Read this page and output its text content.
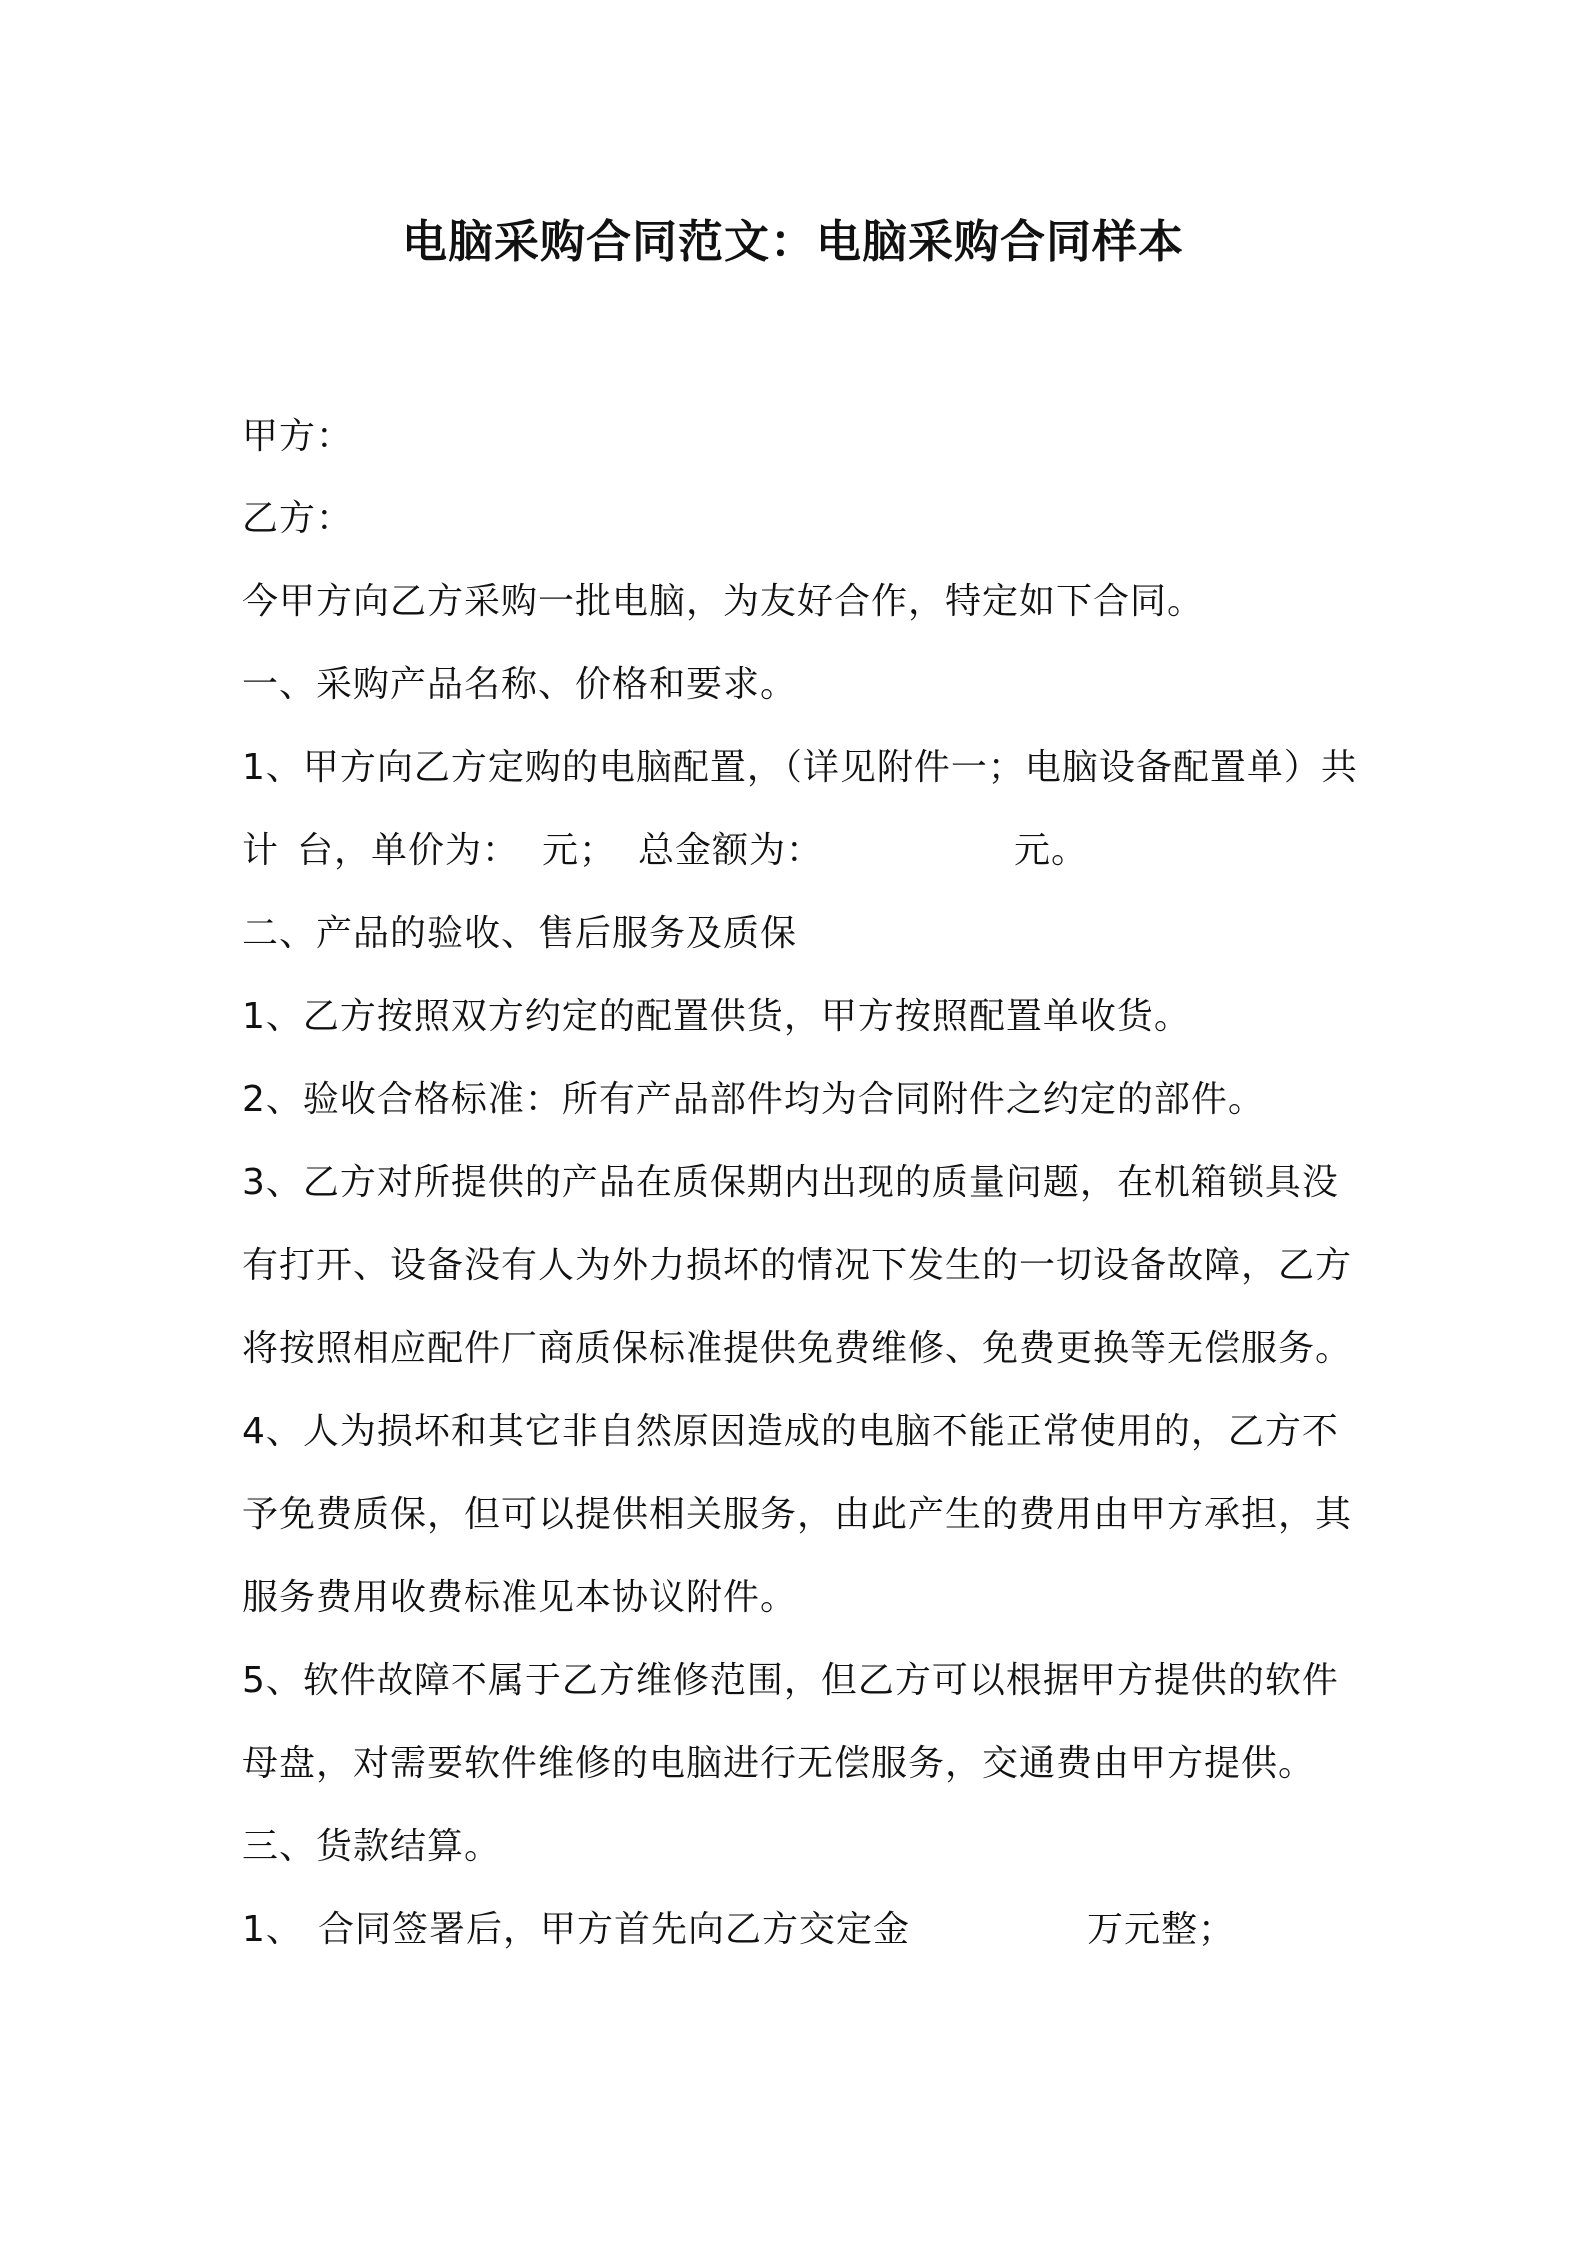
电脑采购合同范文：电脑采购合同样本
甲方：
乙方：
今甲方向乙方采购一批电脑，为友好合作，特定如下合同。
一、采购产品名称、价格和要求。
1、甲方向乙方定购的电脑配置，（详见附件一；电脑设备配置单）共
计 台，单价为： 元； 总金额为：	元。
二、产品的验收、售后服务及质保
1、乙方按照双方约定的配置供货，甲方按照配置单收货。
2、验收合格标准：所有产品部件均为合同附件之约定的部件。
3、乙方对所提供的产品在质保期内出现的质量问题，在机箱锁具没
有打开、设备没有人为外力损坏的情况下发生的一切设备故障，乙方
将按照相应配件厂商质保标准提供免费维修、免费更换等无偿服务。
4、人为损坏和其它非自然原因造成的电脑不能正常使用的，乙方不
予免费质保，但可以提供相关服务，由此产生的费用由甲方承担，其
服务费用收费标准见本协议附件。
5、软件故障不属于乙方维修范围，但乙方可以根据甲方提供的软件
母盘，对需要软件维修的电脑进行无偿服务，交通费由甲方提供。
三、货款结算。
1、 合同签署后，甲方首先向乙方交定金	万元整；
